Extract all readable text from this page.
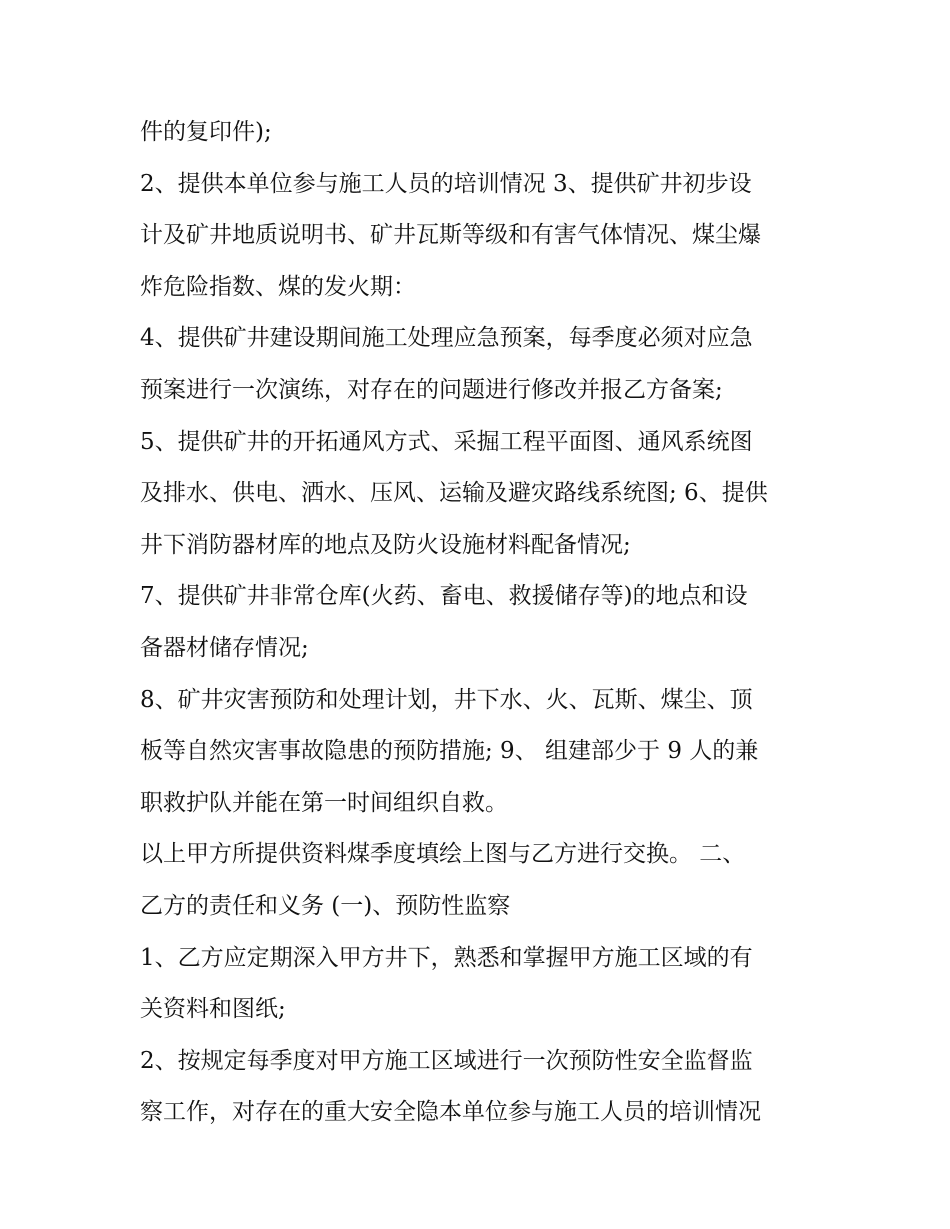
件的复印件);
2、提供本单位参与施工人员的培训情况 3、提供矿井初步设
计及矿井地质说明书、矿井瓦斯等级和有害气体情况、煤尘爆
炸危险指数、煤的发火期：
4、提供矿井建设期间施工处理应急预案，每季度必须对应急
预案进行一次演练，对存在的问题进行修改并报乙方备案;
5、提供矿井的开拓通风方式、采掘工程平面图、通风系统图
及排水、供电、洒水、压风、运输及避灾路线系统图; 6、提供
井下消防器材库的地点及防火设施材料配备情况;
7、提供矿井非常仓库(火药、畜电、救援储存等)的地点和设
备器材储存情况;
8、矿井灾害预防和处理计划，井下水、火、瓦斯、煤尘、顶
板等自然灾害事故隐患的预防措施; 9、 组建部少于 9 人的兼
职救护队并能在第一时间组织自救。
以上甲方所提供资料煤季度填绘上图与乙方进行交换。 二、
乙方的责任和义务 (一)、预防性监察
1、乙方应定期深入甲方井下，熟悉和掌握甲方施工区域的有
关资料和图纸;
2、按规定每季度对甲方施工区域进行一次预防性安全监督监
察工作，对存在的重大安全隐本单位参与施工人员的培训情况
